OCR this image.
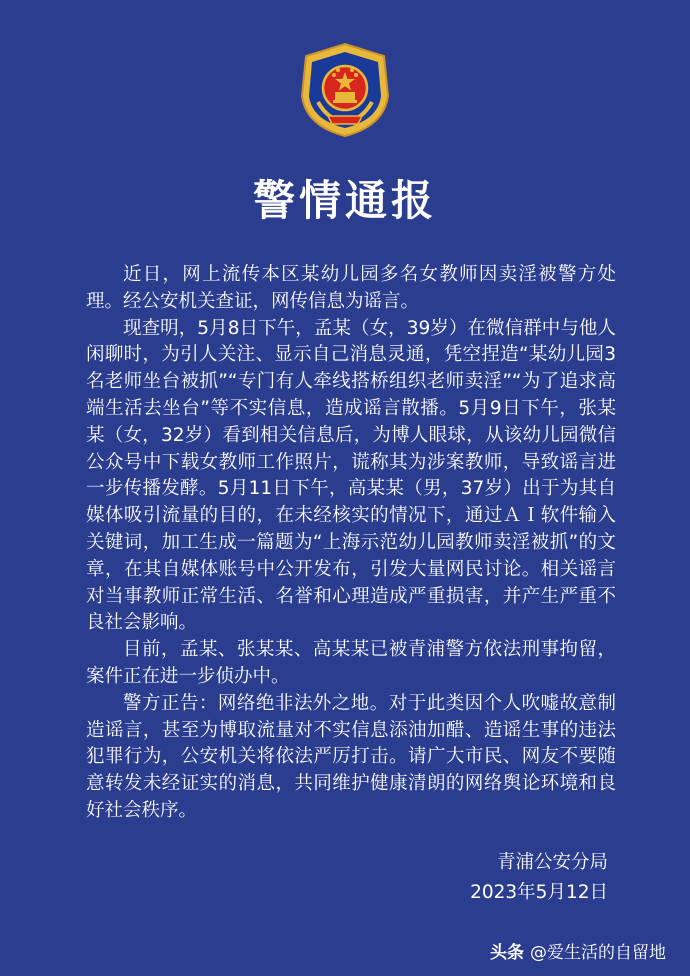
警情通报

近日，网上流传本区某幼儿园多名女教师因卖淫被警方处理。经公安机关查证，网传信息为谣言。

现查明，5月8日下午，孟某（女，39岁）在微信群中与他人闲聊时，为引人关注、显示自己消息灵通，凭空捏造“某幼儿园3名老师坐台被抓”“专门有人牵线搭桥组织老师卖淫”“为了追求高端生活去坐台”等不实信息，造成谣言散播。5月9日下午，张某某（女，32岁）看到相关信息后，为博人眼球，从该幼儿园微信公众号中下载女教师工作照片，谎称其为涉案教师，导致谣言进一步传播发酵。5月11日下午，高某某（男，37岁）出于为其自媒体吸引流量的目的，在未经核实的情况下，通过ＡＩ软件输入关键词，加工生成一篇题为“上海示范幼儿园教师卖淫被抓”的文章，在其自媒体账号中公开发布，引发大量网民讨论。相关谣言对当事教师正常生活、名誉和心理造成严重损害，并产生严重不良社会影响。

目前，孟某、张某某、高某某已被青浦警方依法刑事拘留，案件正在进一步侦办中。

警方正告：网络绝非法外之地。对于此类因个人吹嘘故意制造谣言，甚至为博取流量对不实信息添油加醋、造谣生事的违法犯罪行为，公安机关将依法严厉打击。请广大市民、网友不要随意转发未经证实的消息，共同维护健康清朗的网络舆论环境和良好社会秩序。

青浦公安分局
2023年5月12日
头条 @爱生活的自留地
